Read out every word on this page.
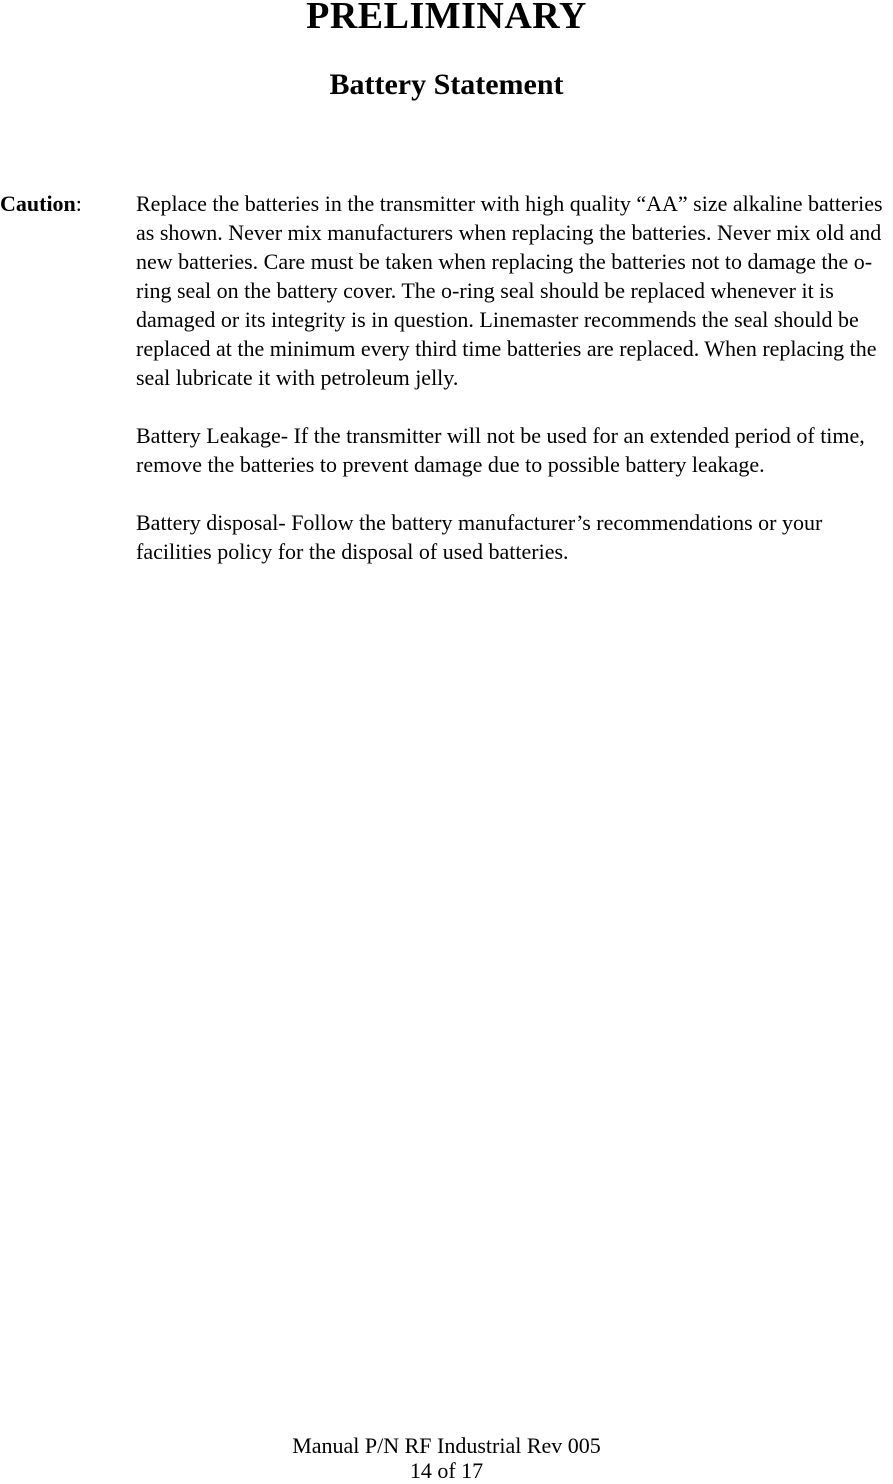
PRELIMINARY
Battery Statement
Caution: Replace the batteries in the transmitter with high quality “AA” size alkaline batteries as shown. Never mix manufacturers when replacing the batteries. Never mix old and new batteries. Care must be taken when replacing the batteries not to damage the o-ring seal on the battery cover. The o-ring seal should be replaced whenever it is damaged or its integrity is in question. Linemaster recommends the seal should be replaced at the minimum every third time batteries are replaced. When replacing the seal lubricate it with petroleum jelly.

Battery Leakage- If the transmitter will not be used for an extended period of time, remove the batteries to prevent damage due to possible battery leakage.

Battery disposal- Follow the battery manufacturer’s recommendations or your facilities policy for the disposal of used batteries.

Manual P/N RF Industrial Rev 005
14 of 17
